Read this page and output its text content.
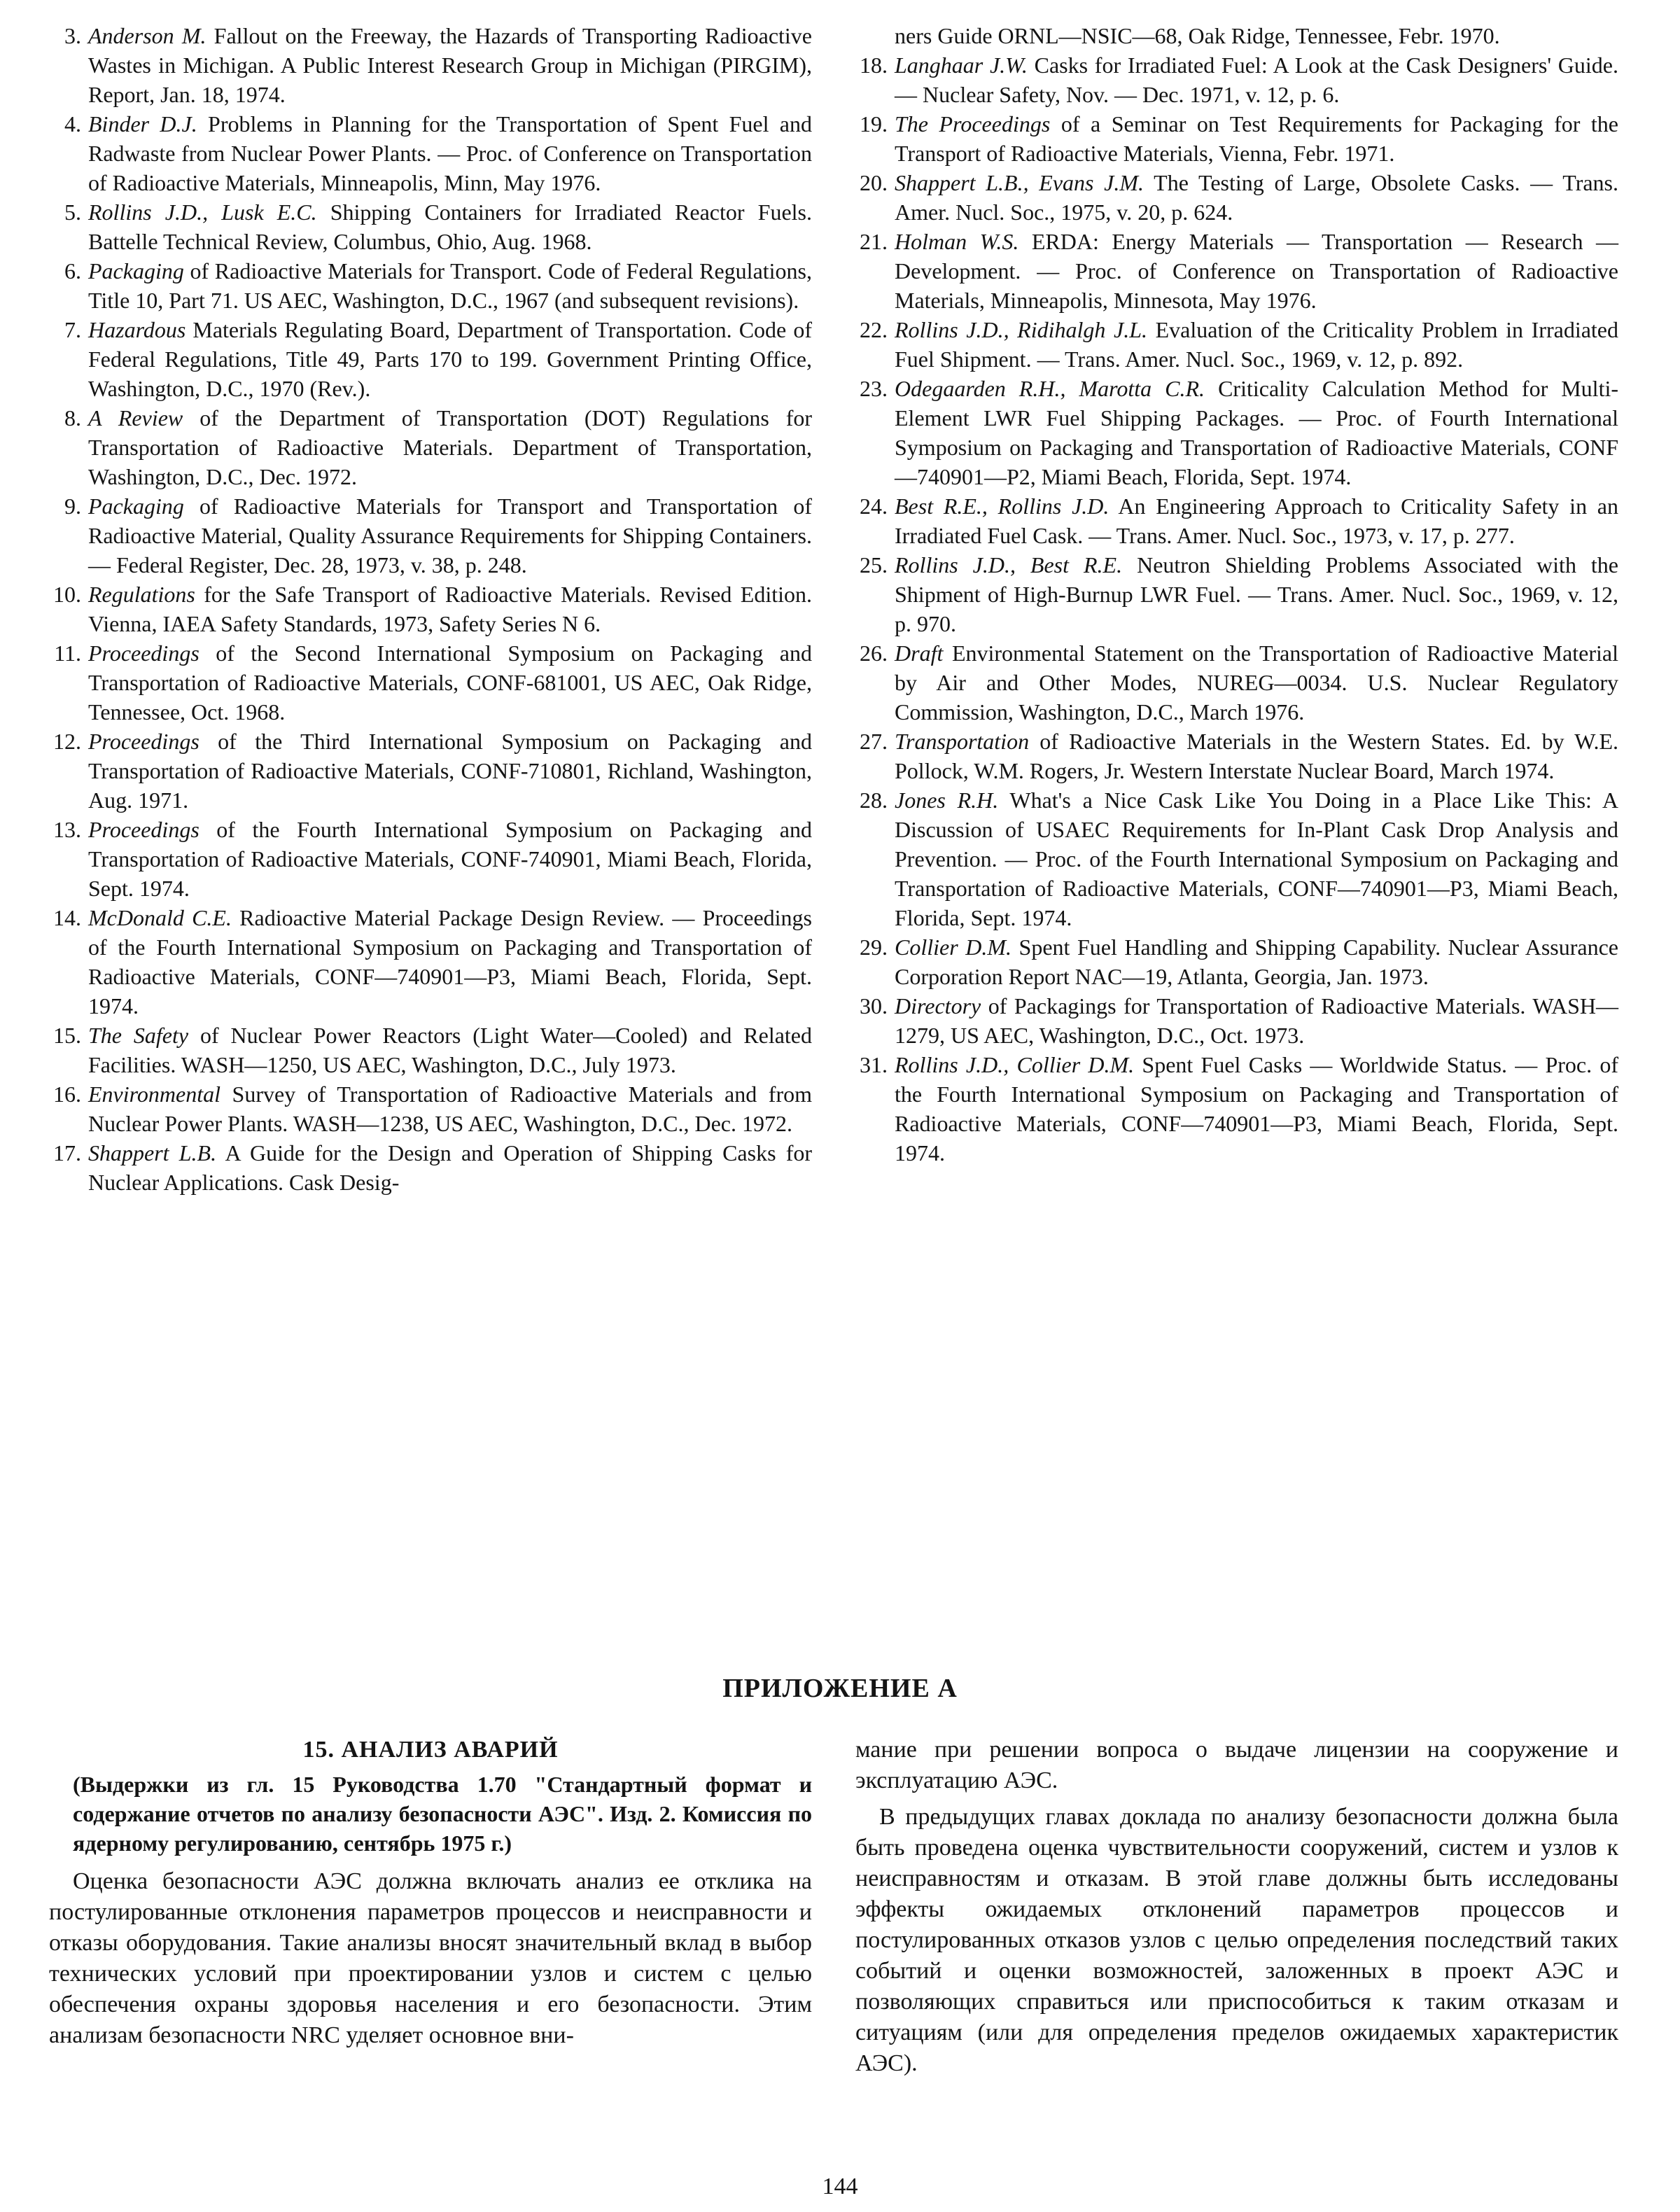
3. Anderson M. Fallout on the Freeway, the Hazards of Transporting Radioactive Wastes in Michigan. A Public Interest Research Group in Michigan (PIRGIM), Report, Jan. 18, 1974.

4. Binder D.J. Problems in Planning for the Transportation of Spent Fuel and Radwaste from Nuclear Power Plants. — Proc. of Conference on Transportation of Radioactive Materials, Minneapolis, Minn, May 1976.

5. Rollins J.D., Lusk E.C. Shipping Containers for Irradiated Reactor Fuels. Battelle Technical Review, Columbus, Ohio, Aug. 1968.

6. Packaging of Radioactive Materials for Transport. Code of Federal Regulations, Title 10, Part 71. US AEC, Washington, D.C., 1967 (and subsequent revisions).

7. Hazardous Materials Regulating Board, Department of Transportation. Code of Federal Regulations, Title 49, Parts 170 to 199. Government Printing Office, Washington, D.C., 1970 (Rev.).

8. A Review of the Department of Transportation (DOT) Regulations for Transportation of Radioactive Materials. Department of Transportation, Washington, D.C., Dec. 1972.

9. Packaging of Radioactive Materials for Transport and Transportation of Radioactive Material, Quality Assurance Requirements for Shipping Containers. — Federal Register, Dec. 28, 1973, v. 38, p. 248.

10. Regulations for the Safe Transport of Radioactive Materials. Revised Edition. Vienna, IAEA Safety Standards, 1973, Safety Series N 6.

11. Proceedings of the Second International Symposium on Packaging and Transportation of Radioactive Materials, CONF-681001, US AEC, Oak Ridge, Tennessee, Oct. 1968.

12. Proceedings of the Third International Symposium on Packaging and Transportation of Radioactive Materials, CONF-710801, Richland, Washington, Aug. 1971.

13. Proceedings of the Fourth International Symposium on Packaging and Transportation of Radioactive Materials, CONF-740901, Miami Beach, Florida, Sept. 1974.

14. McDonald C.E. Radioactive Material Package Design Review. — Proceedings of the Fourth International Symposium on Packaging and Transportation of Radioactive Materials, CONF—740901—P3, Miami Beach, Florida, Sept. 1974.

15. The Safety of Nuclear Power Reactors (Light Water—Cooled) and Related Facilities. WASH—1250, US AEC, Washington, D.C., July 1973.

16. Environmental Survey of Transportation of Radioactive Materials and from Nuclear Power Plants. WASH—1238, US AEC, Washington, D.C., Dec. 1972.

17. Shappert L.B. A Guide for the Design and Operation of Shipping Casks for Nuclear Applications. Cask Desig-

ners Guide ORNL—NSIC—68, Oak Ridge, Tennessee, Febr. 1970.

18. Langhaar J.W. Casks for Irradiated Fuel: A Look at the Cask Designers' Guide. — Nuclear Safety, Nov. — Dec. 1971, v. 12, p. 6.

19. The Proceedings of a Seminar on Test Requirements for Packaging for the Transport of Radioactive Materials, Vienna, Febr. 1971.

20. Shappert L.B., Evans J.M. The Testing of Large, Obsolete Casks. — Trans. Amer. Nucl. Soc., 1975, v. 20, p. 624.

21. Holman W.S. ERDA: Energy Materials — Transportation — Research — Development. — Proc. of Conference on Transportation of Radioactive Materials, Minneapolis, Minnesota, May 1976.

22. Rollins J.D., Ridihalgh J.L. Evaluation of the Criticality Problem in Irradiated Fuel Shipment. — Trans. Amer. Nucl. Soc., 1969, v. 12, p. 892.

23. Odegaarden R.H., Marotta C.R. Criticality Calculation Method for Multi-Element LWR Fuel Shipping Packages. — Proc. of Fourth International Symposium on Packaging and Transportation of Radioactive Materials, CONF—740901—P2, Miami Beach, Florida, Sept. 1974.

24. Best R.E., Rollins J.D. An Engineering Approach to Criticality Safety in an Irradiated Fuel Cask. — Trans. Amer. Nucl. Soc., 1973, v. 17, p. 277.

25. Rollins J.D., Best R.E. Neutron Shielding Problems Associated with the Shipment of High-Burnup LWR Fuel. — Trans. Amer. Nucl. Soc., 1969, v. 12, p. 970.

26. Draft Environmental Statement on the Transportation of Radioactive Material by Air and Other Modes, NUREG—0034. U.S. Nuclear Regulatory Commission, Washington, D.C., March 1976.

27. Transportation of Radioactive Materials in the Western States. Ed. by W.E. Pollock, W.M. Rogers, Jr. Western Interstate Nuclear Board, March 1974.

28. Jones R.H. What's a Nice Cask Like You Doing in a Place Like This: A Discussion of USAEC Requirements for In-Plant Cask Drop Analysis and Prevention. — Proc. of the Fourth International Symposium on Packaging and Transportation of Radioactive Materials, CONF—740901—P3, Miami Beach, Florida, Sept. 1974.

29. Collier D.M. Spent Fuel Handling and Shipping Capability. Nuclear Assurance Corporation Report NAC—19, Atlanta, Georgia, Jan. 1973.

30. Directory of Packagings for Transportation of Radioactive Materials. WASH—1279, US AEC, Washington, D.C., Oct. 1973.

31. Rollins J.D., Collier D.M. Spent Fuel Casks — Worldwide Status. — Proc. of the Fourth International Symposium on Packaging and Transportation of Radioactive Materials, CONF—740901—P3, Miami Beach, Florida, Sept. 1974.

ПРИЛОЖЕНИЕ А
15. АНАЛИЗ АВАРИЙ
(Выдержки из гл. 15 Руководства 1.70 "Стандартный формат и содержание отчетов по анализу безопасности АЭС". Изд. 2. Комиссия по ядерному регулированию, сентябрь 1975 г.)

Оценка безопасности АЭС должна включать анализ ее отклика на постулированные отклонения параметров процессов и неисправности и отказы оборудования. Такие анализы вносят значительный вклад в выбор технических условий при проектировании узлов и систем с целью обеспечения охраны здоровья населения и его безопасности. Этим анализам безопасности NRC уделяет основное вни-

мание при решении вопроса о выдаче лицензии на сооружение и эксплуатацию АЭС.

В предыдущих главах доклада по анализу безопасности должна была быть проведена оценка чувствительности сооружений, систем и узлов к неисправностям и отказам. В этой главе должны быть исследованы эффекты ожидаемых отклонений параметров процессов и постулированных отказов узлов с целью определения последствий таких событий и оценки возможностей, заложенных в проект АЭС и позволяющих справиться или приспособиться к таким отказам и ситуациям (или для определения пределов ожидаемых характеристик АЭС).

144
